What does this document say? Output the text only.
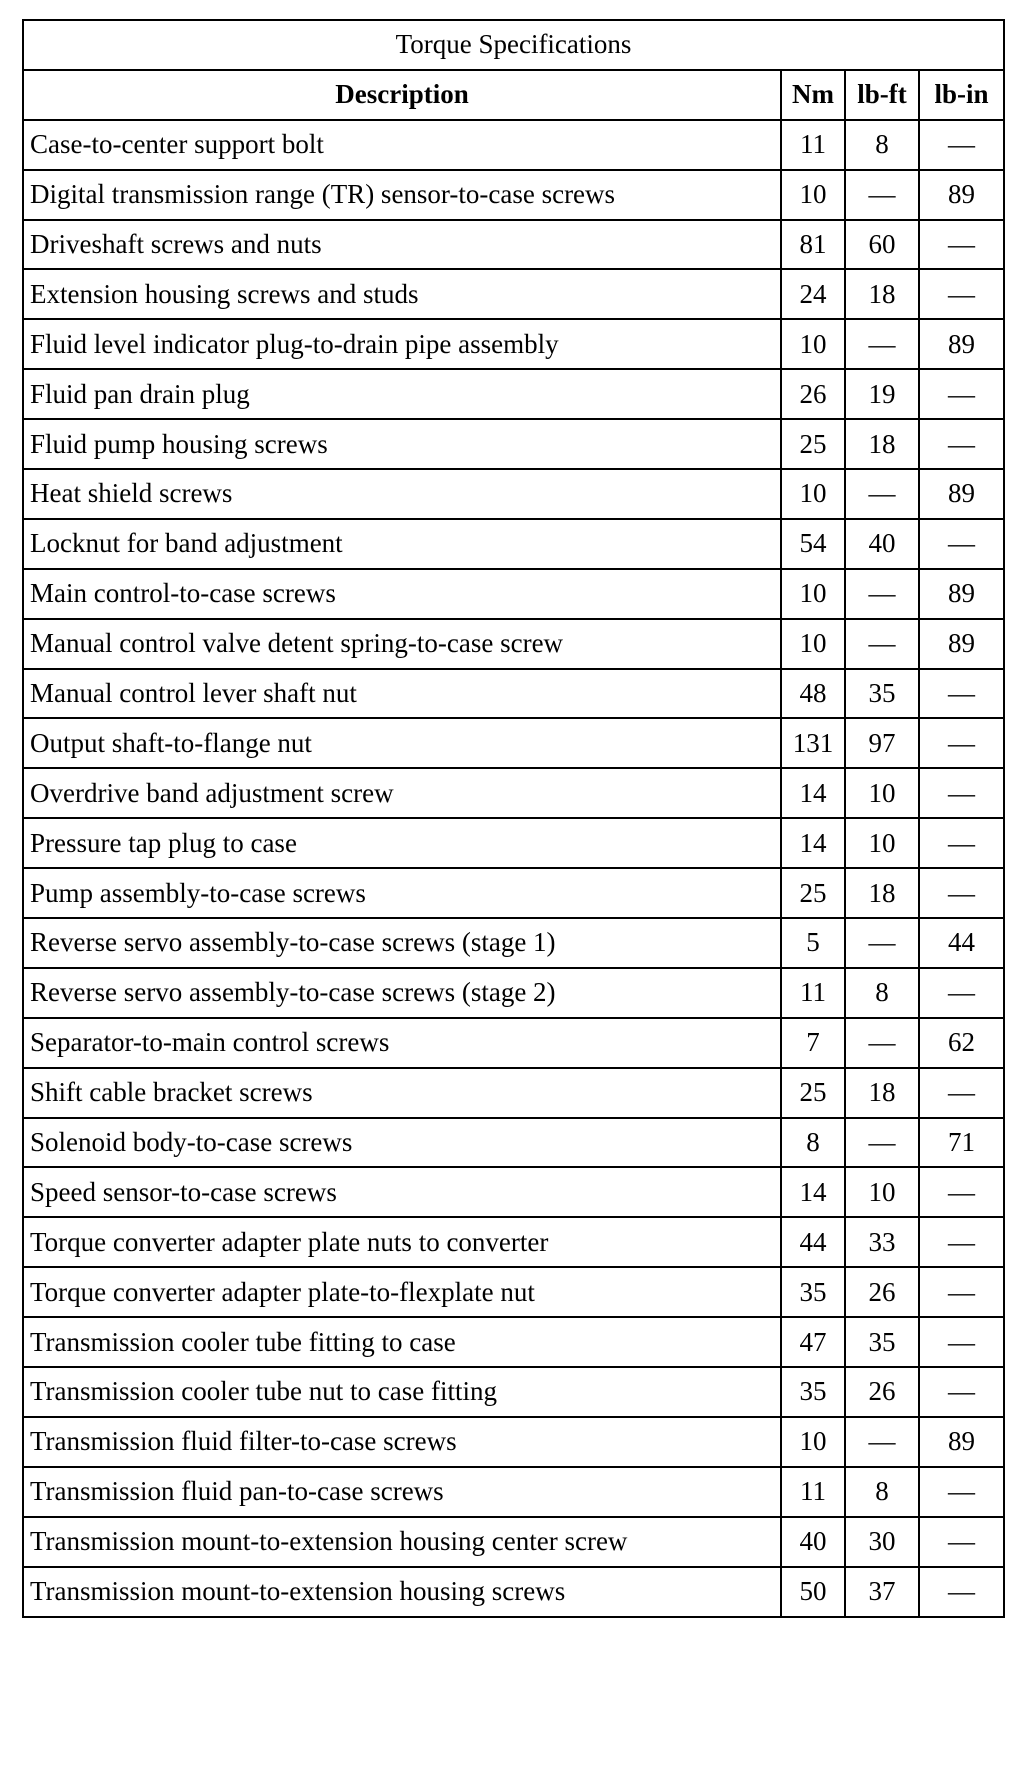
Torque Specifications			
Description	Nm	lb-ft	lb-in
Case-to-center support bolt	11	8	—
Digital transmission range (TR) sensor-to-case screws	10	—	89
Driveshaft screws and nuts	81	60	—
Extension housing screws and studs	24	18	—
Fluid level indicator plug-to-drain pipe assembly	10	—	89
Fluid pan drain plug	26	19	—
Fluid pump housing screws	25	18	—
Heat shield screws	10	—	89
Locknut for band adjustment	54	40	—
Main control-to-case screws	10	—	89
Manual control valve detent spring-to-case screw	10	—	89
Manual control lever shaft nut	48	35	—
Output shaft-to-flange nut	131	97	—
Overdrive band adjustment screw	14	10	—
Pressure tap plug to case	14	10	—
Pump assembly-to-case screws	25	18	—
Reverse servo assembly-to-case screws (stage 1)	5	—	44
Reverse servo assembly-to-case screws (stage 2)	11	8	—
Separator-to-main control screws	7	—	62
Shift cable bracket screws	25	18	—
Solenoid body-to-case screws	8	—	71
Speed sensor-to-case screws	14	10	—
Torque converter adapter plate nuts to converter	44	33	—
Torque converter adapter plate-to-flexplate nut	35	26	—
Transmission cooler tube fitting to case	47	35	—
Transmission cooler tube nut to case fitting	35	26	—
Transmission fluid filter-to-case screws	10	—	89
Transmission fluid pan-to-case screws	11	8	—
Transmission mount-to-extension housing center screw	40	30	—
Transmission mount-to-extension housing screws	50	37	—
